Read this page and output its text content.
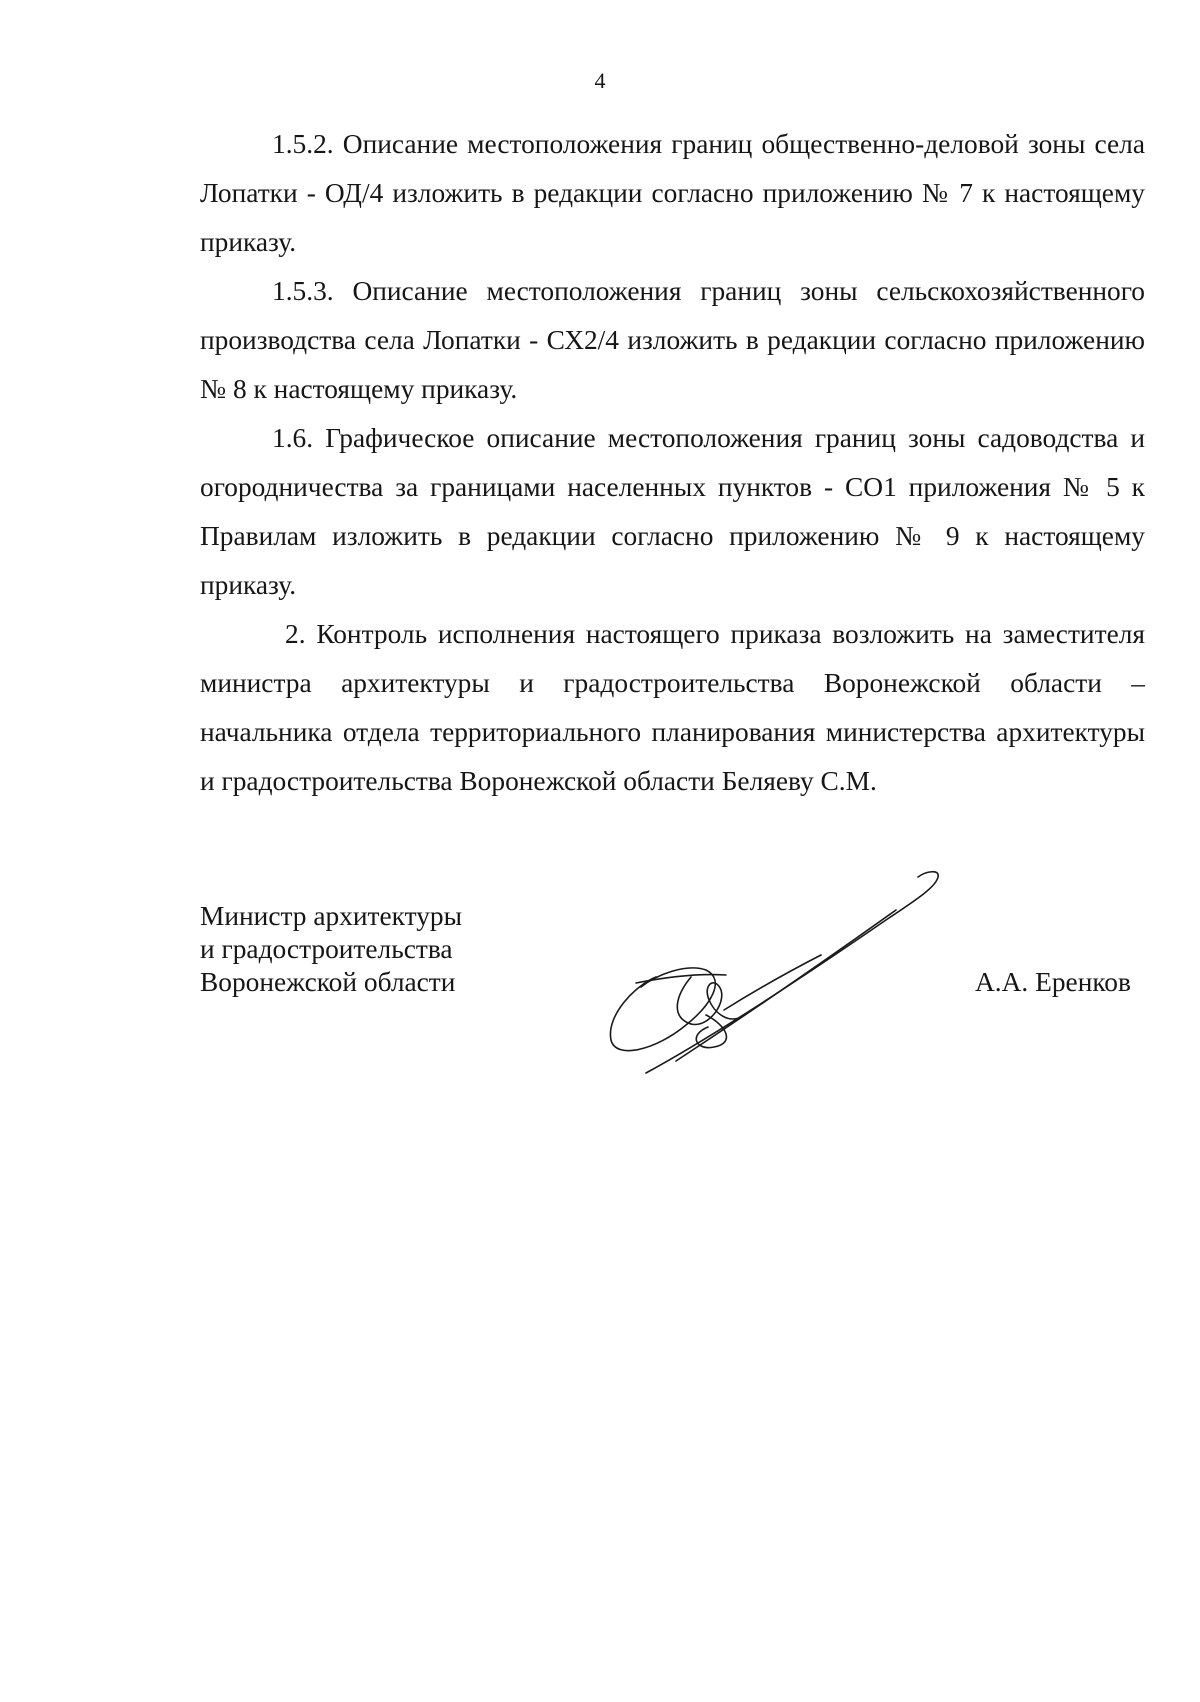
4

1.5.2. Описание местоположения границ общественно-деловой зоны села Лопатки - ОД/4 изложить в редакции согласно приложению № 7 к настоящему приказу.

1.5.3. Описание местоположения границ зоны сельскохозяйственного производства села Лопатки - СХ2/4 изложить в редакции согласно приложению № 8 к настоящему приказу.

1.6. Графическое описание местоположения границ зоны садоводства и огородничества за границами населенных пунктов - СО1 приложения № 5 к Правилам изложить в редакции согласно приложению № 9 к настоящему приказу.

2. Контроль исполнения настоящего приказа возложить на заместителя министра архитектуры и градостроительства Воронежской области – начальника отдела территориального планирования министерства архитектуры и градостроительства Воронежской области Беляеву С.М.

Министр архитектуры
и градостроительства
Воронежской области	А.А. Еренков
